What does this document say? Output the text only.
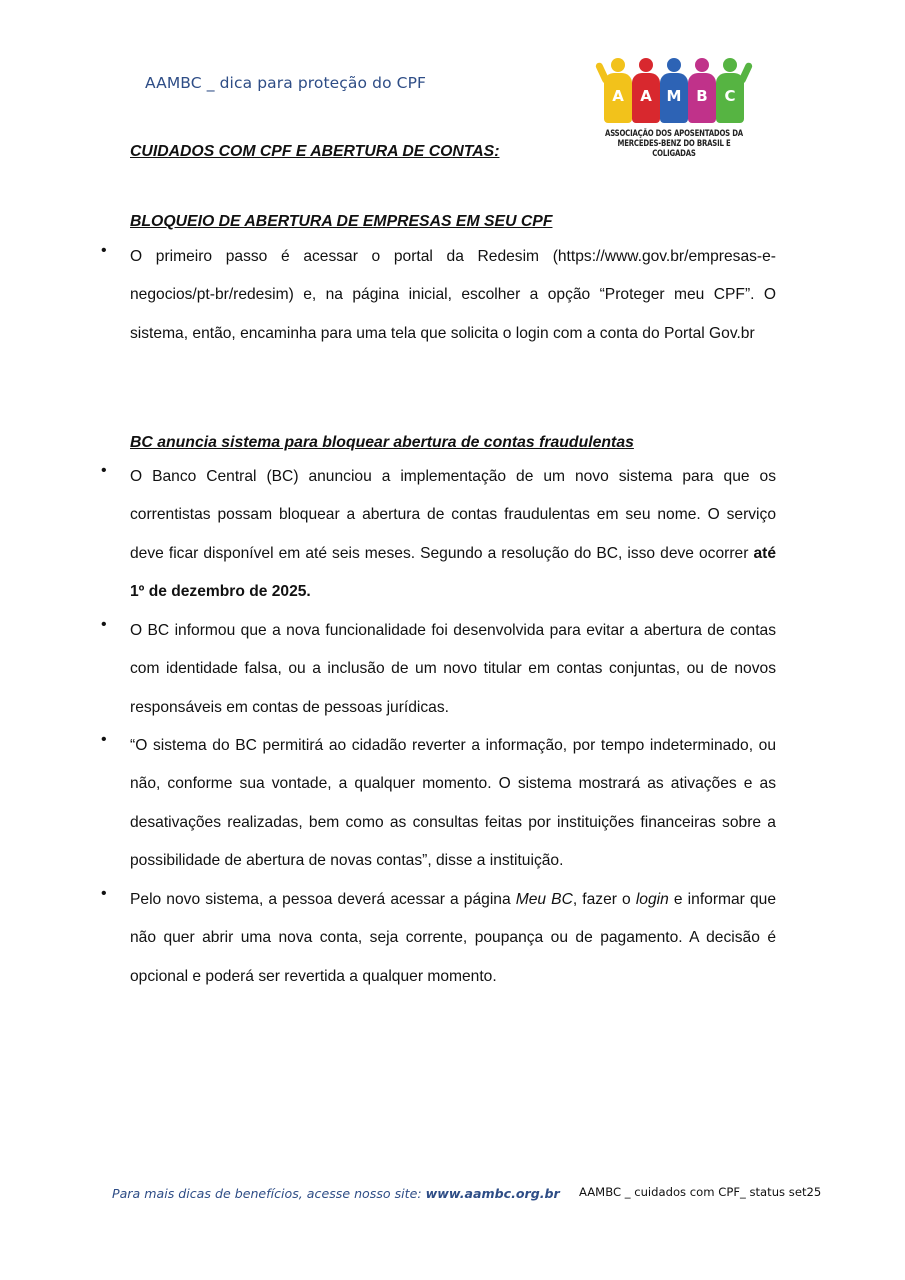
AAMBC _ dica para proteção do CPF
A	A M B	C
ASSOCIAÇÃO DOS APOSENTADOS DA
MERCEDES-BENZ DO BRASIL E COLIGADAS
CUIDADOS COM CPF E ABERTURA DE CONTAS:
BLOQUEIO DE ABERTURA DE EMPRESAS EM SEU CPF
• O primeiro passo é acessar o portal da Redesim (https://www.gov.br/empresas-e-negocios/pt-br/redesim) e, na página inicial, escolher a opção “Proteger meu CPF”. O sistema, então, encaminha para uma tela que solicita o login com a conta do Portal Gov.br
BC anuncia sistema para bloquear abertura de contas fraudulentas
• O Banco Central (BC) anunciou a implementação de um novo sistema para que os correntistas possam bloquear a abertura de contas fraudulentas em seu nome. O serviço deve ficar disponível em até seis meses. Segundo a resolução do BC, isso deve ocorrer até 1º de dezembro de 2025.
• O BC informou que a nova funcionalidade foi desenvolvida para evitar a abertura de contas com identidade falsa, ou a inclusão de um novo titular em contas conjuntas, ou de novos responsáveis em contas de pessoas jurídicas.
• “O sistema do BC permitirá ao cidadão reverter a informação, por tempo indeterminado, ou não, conforme sua vontade, a qualquer momento. O sistema mostrará as ativações e as desativações realizadas, bem como as consultas feitas por instituições financeiras sobre a possibilidade de abertura de novas contas”, disse a instituição.
• Pelo novo sistema, a pessoa deverá acessar a página Meu BC, fazer o login e informar que não quer abrir uma nova conta, seja corrente, poupança ou de pagamento. A decisão é opcional e poderá ser revertida a qualquer momento.
Para mais dicas de benefícios, acesse nosso site: www.aambc.org.br AAMBC _ cuidados com CPF_ status set25
